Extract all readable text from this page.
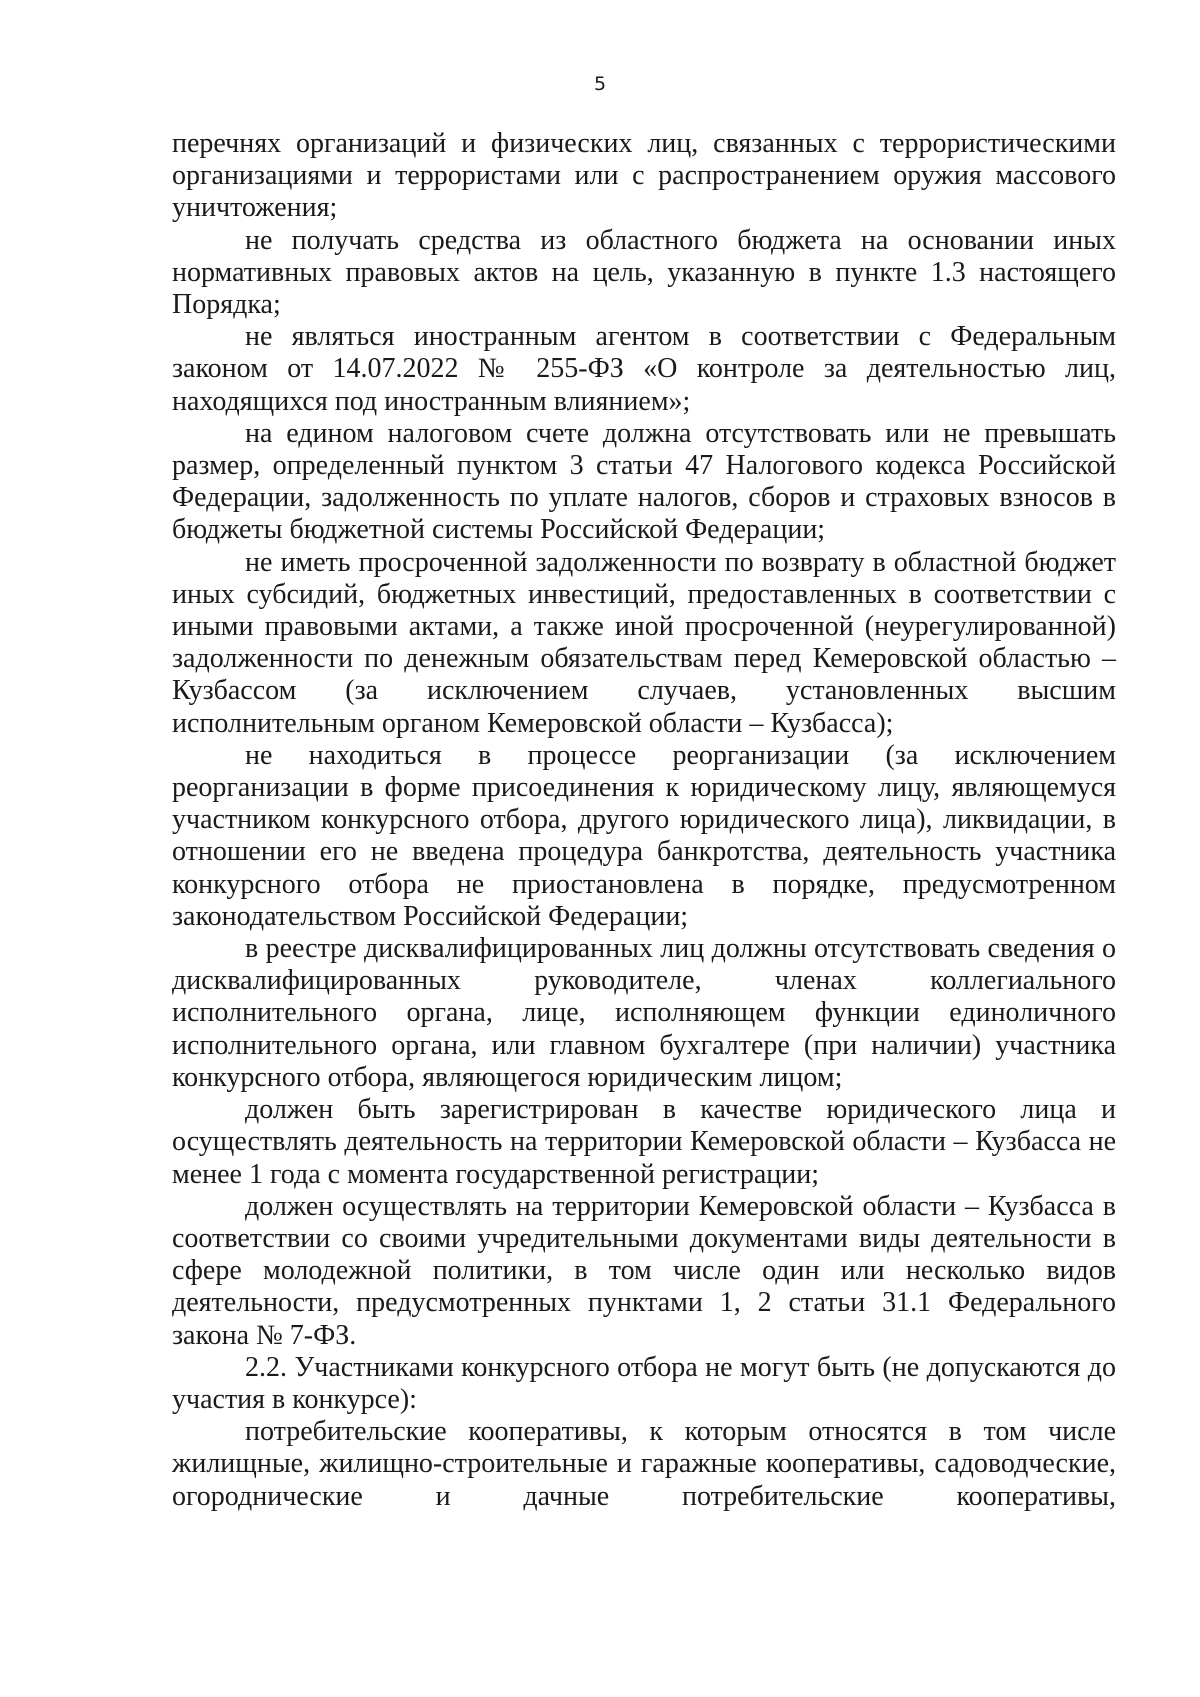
5

перечнях организаций и физических лиц, связанных с террористическими организациями и террористами или с распространением оружия массового уничтожения;

не получать средства из областного бюджета на основании иных нормативных правовых актов на цель, указанную в пункте 1.3 настоящего Порядка;

не являться иностранным агентом в соответствии с Федеральным законом от 14.07.2022 № 255-ФЗ «О контроле за деятельностью лиц, находящихся под иностранным влиянием»;

на едином налоговом счете должна отсутствовать или не превышать размер, определенный пунктом 3 статьи 47 Налогового кодекса Российской Федерации, задолженность по уплате налогов, сборов и страховых взносов в бюджеты бюджетной системы Российской Федерации;

не иметь просроченной задолженности по возврату в областной бюджет иных субсидий, бюджетных инвестиций, предоставленных в соответствии с иными правовыми актами, а также иной просроченной (неурегулированной) задолженности по денежным обязательствам перед Кемеровской областью – Кузбассом (за исключением случаев, установленных высшим исполнительным органом Кемеровской области – Кузбасса);

не находиться в процессе реорганизации (за исключением реорганизации в форме присоединения к юридическому лицу, являющемуся участником конкурсного отбора, другого юридического лица), ликвидации, в отношении его не введена процедура банкротства, деятельность участника конкурсного отбора не приостановлена в порядке, предусмотренном законодательством Российской Федерации;

в реестре дисквалифицированных лиц должны отсутствовать сведения о дисквалифицированных руководителе, членах коллегиального исполнительного органа, лице, исполняющем функции единоличного исполнительного органа, или главном бухгалтере (при наличии) участника конкурсного отбора, являющегося юридическим лицом;

должен быть зарегистрирован в качестве юридического лица и осуществлять деятельность на территории Кемеровской области – Кузбасса не менее 1 года с момента государственной регистрации;

должен осуществлять на территории Кемеровской области – Кузбасса в соответствии со своими учредительными документами виды деятельности в сфере молодежной политики, в том числе один или несколько видов деятельности, предусмотренных пунктами 1, 2 статьи 31.1 Федерального закона № 7-ФЗ.

2.2. Участниками конкурсного отбора не могут быть (не допускаются до участия в конкурсе):

потребительские кооперативы, к которым относятся в том числе жилищные, жилищно-строительные и гаражные кооперативы, садоводческие, огороднические и дачные потребительские кооперативы,
